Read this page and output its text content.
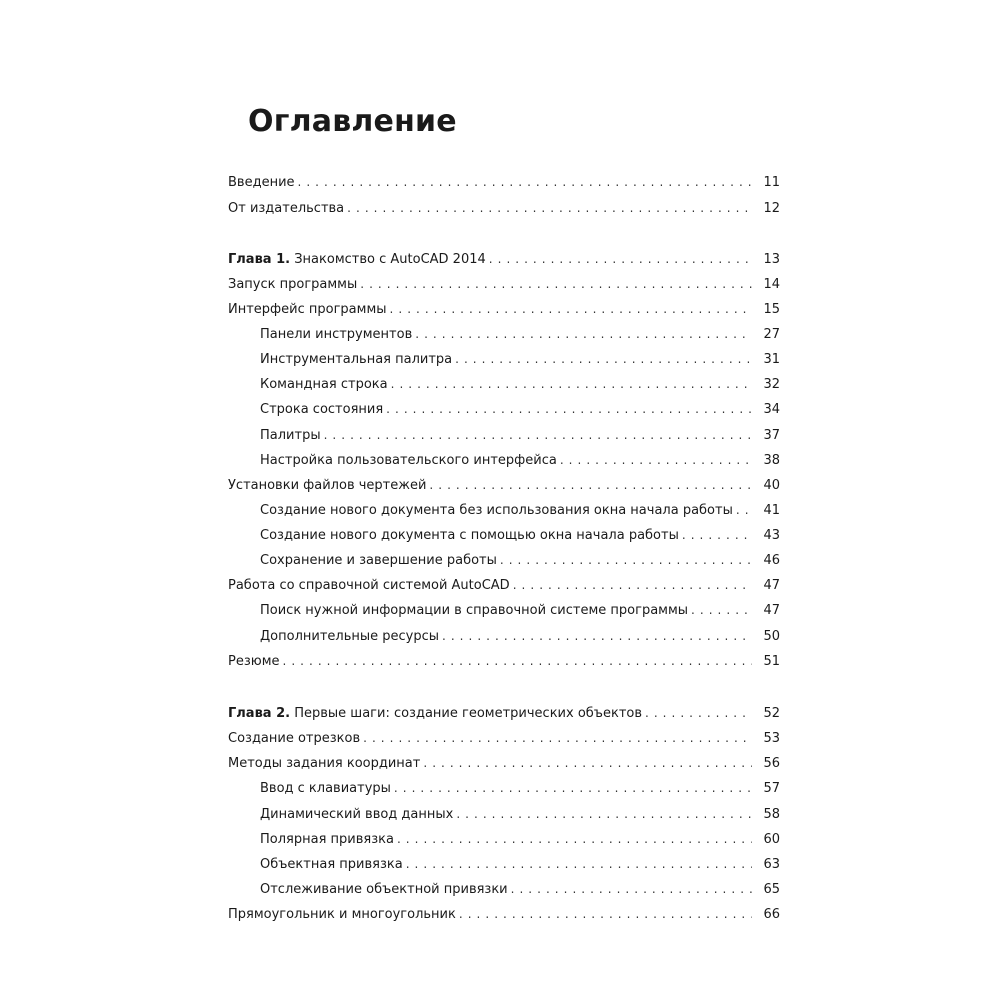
Оглавление
Введение . . .	11
От издательства . . .	12
Глава 1. Знакомство с AutoCAD 2014 . . .	13
Запуск программы . . .	14
Интерфейс программы . . .	15
Панели инструментов . . .	27
Инструментальная палитра . . .	31
Командная строка . . .	32
Строка состояния . . .	34
Палитры . . .	37
Настройка пользовательского интерфейса . . .	38
Установки файлов чертежей . . .	40
Создание нового документа без использования окна начала работы . . .	41
Создание нового документа с помощью окна начала работы . . .	43
Сохранение и завершение работы . . .	46
Работа со справочной системой AutoCAD . . .	47
Поиск нужной информации в справочной системе программы . . .	47
Дополнительные ресурсы . . .	50
Резюме . . .	51
Глава 2. Первые шаги: создание геометрических объектов . . .	52
Создание отрезков . . .	53
Методы задания координат . . .	56
Ввод с клавиатуры . . .	57
Динамический ввод данных . . .	58
Полярная привязка . . .	60
Объектная привязка . . .	63
Отслеживание объектной привязки . . .	65
Прямоугольник и многоугольник . . .	66
